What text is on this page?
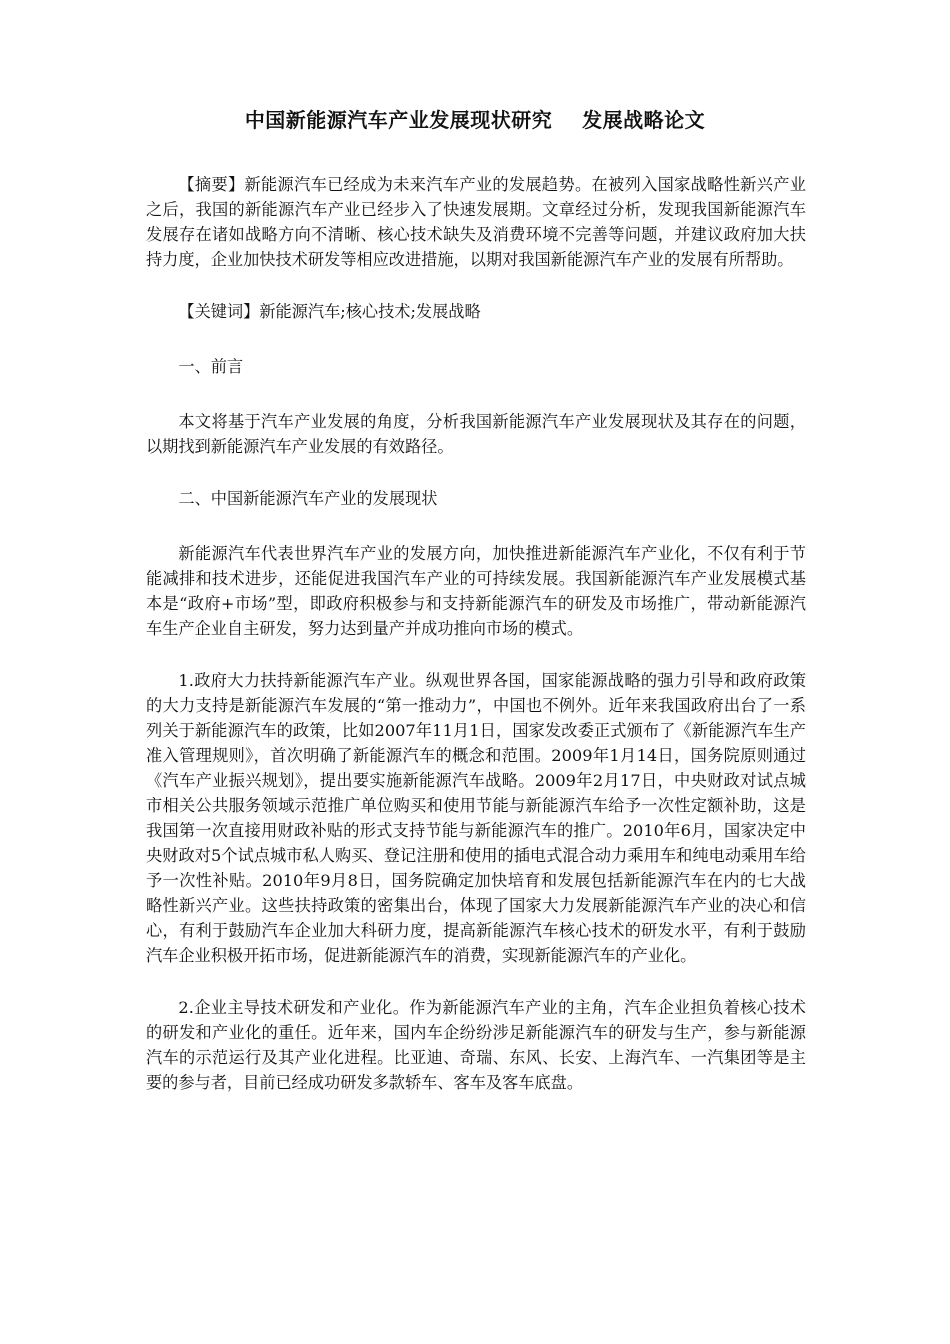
中国新能源汽车产业发展现状研究    发展战略论文

【摘要】新能源汽车已经成为未来汽车产业的发展趋势。在被列入国家战略性新兴产业之后，我国的新能源汽车产业已经步入了快速发展期。文章经过分析，发现我国新能源汽车发展存在诸如战略方向不清晰、核心技术缺失及消费环境不完善等问题，并建议政府加大扶持力度，企业加快技术研发等相应改进措施，以期对我国新能源汽车产业的发展有所帮助。

【关键词】新能源汽车;核心技术;发展战略

一、前言

本文将基于汽车产业发展的角度，分析我国新能源汽车产业发展现状及其存在的问题，以期找到新能源汽车产业发展的有效路径。

二、中国新能源汽车产业的发展现状

新能源汽车代表世界汽车产业的发展方向，加快推进新能源汽车产业化，不仅有利于节能减排和技术进步，还能促进我国汽车产业的可持续发展。我国新能源汽车产业发展模式基本是“政府+市场”型，即政府积极参与和支持新能源汽车的研发及市场推广，带动新能源汽车生产企业自主研发，努力达到量产并成功推向市场的模式。

1.政府大力扶持新能源汽车产业。纵观世界各国，国家能源战略的强力引导和政府政策的大力支持是新能源汽车发展的“第一推动力”，中国也不例外。近年来我国政府出台了一系列关于新能源汽车的政策，比如2007年11月1日，国家发改委正式颁布了《新能源汽车生产准入管理规则》，首次明确了新能源汽车的概念和范围。2009年1月14日，国务院原则通过《汽车产业振兴规划》，提出要实施新能源汽车战略。2009年2月17日，中央财政对试点城市相关公共服务领域示范推广单位购买和使用节能与新能源汽车给予一次性定额补助，这是我国第一次直接用财政补贴的形式支持节能与新能源汽车的推广。2010年6月，国家决定中央财政对5个试点城市私人购买、登记注册和使用的插电式混合动力乘用车和纯电动乘用车给予一次性补贴。2010年9月8日，国务院确定加快培育和发展包括新能源汽车在内的七大战略性新兴产业。这些扶持政策的密集出台，体现了国家大力发展新能源汽车产业的决心和信心，有利于鼓励汽车企业加大科研力度，提高新能源汽车核心技术的研发水平，有利于鼓励汽车企业积极开拓市场，促进新能源汽车的消费，实现新能源汽车的产业化。

2.企业主导技术研发和产业化。作为新能源汽车产业的主角，汽车企业担负着核心技术的研发和产业化的重任。近年来，国内车企纷纷涉足新能源汽车的研发与生产，参与新能源汽车的示范运行及其产业化进程。比亚迪、奇瑞、东风、长安、上海汽车、一汽集团等是主要的参与者，目前已经成功研发多款轿车、客车及客车底盘。
